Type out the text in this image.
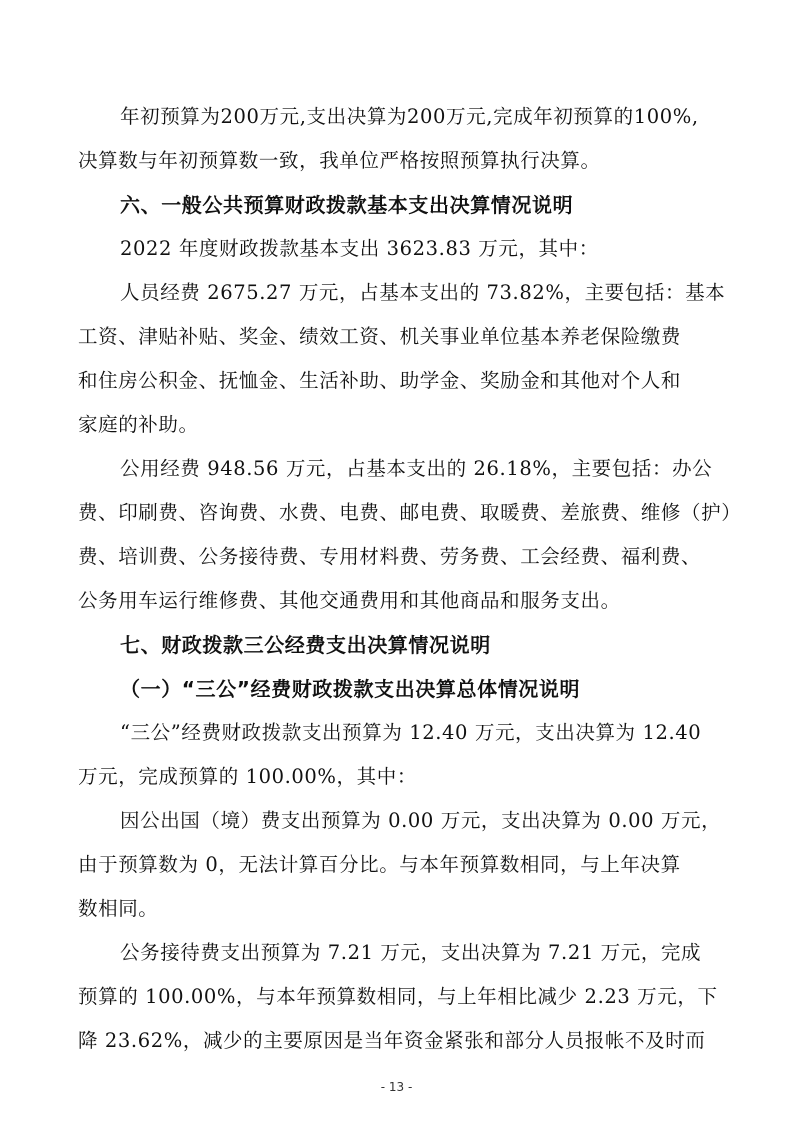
年初预算为200万元,支出决算为200万元,完成年初预算的100%,
决算数与年初预算数一致，我单位严格按照预算执行决算。
六、一般公共预算财政拨款基本支出决算情况说明
2022 年度财政拨款基本支出 3623.83 万元，其中：
人员经费 2675.27 万元，占基本支出的 73.82%，主要包括：基本
工资、津贴补贴、奖金、绩效工资、机关事业单位基本养老保险缴费
和住房公积金、抚恤金、生活补助、助学金、奖励金和其他对个人和
家庭的补助。
公用经费 948.56 万元，占基本支出的 26.18%，主要包括：办公
费、印刷费、咨询费、水费、电费、邮电费、取暖费、差旅费、维修（护）
费、培训费、公务接待费、专用材料费、劳务费、工会经费、福利费、
公务用车运行维修费、其他交通费用和其他商品和服务支出。
七、财政拨款三公经费支出决算情况说明
（一）“三公”经费财政拨款支出决算总体情况说明
“三公”经费财政拨款支出预算为 12.40 万元，支出决算为 12.40
万元，完成预算的 100.00%，其中：
因公出国（境）费支出预算为 0.00 万元，支出决算为 0.00 万元，
由于预算数为 0，无法计算百分比。与本年预算数相同，与上年决算
数相同。
公务接待费支出预算为 7.21 万元，支出决算为 7.21 万元，完成
预算的 100.00%，与本年预算数相同，与上年相比减少 2.23 万元，下
降 23.62%，减少的主要原因是当年资金紧张和部分人员报帐不及时而
- 13 -
